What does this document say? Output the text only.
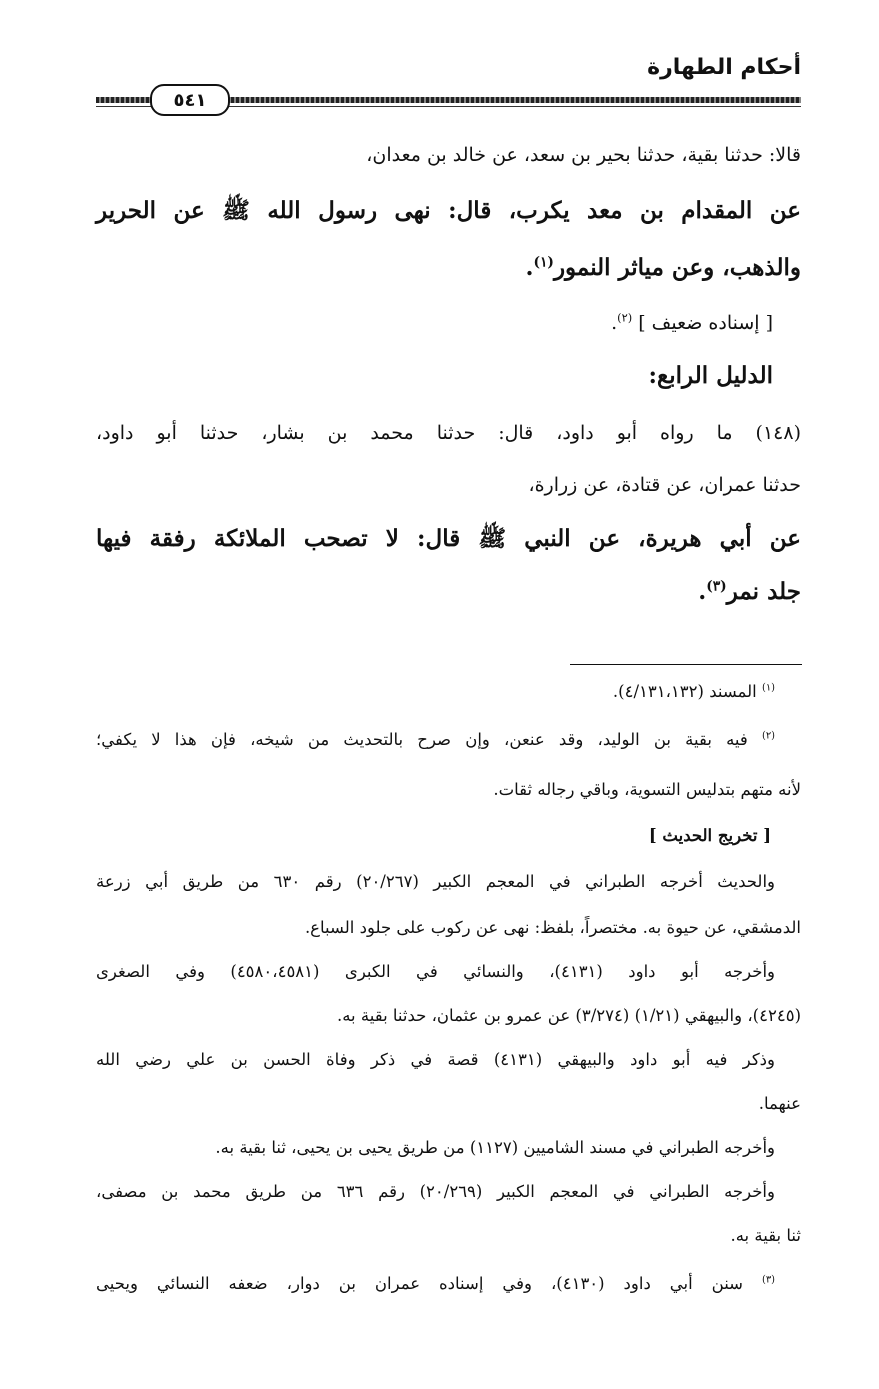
أحكام الطهارة
٥٤١
قالا: حدثنا بقية، حدثنا بحير بن سعد، عن خالد بن معدان،
عن المقدام بن معد يكرب، قال: نهى رسول الله ﷺ عن الحرير
والذهب، وعن مياثر النمور$^{(١)}$.
[ إسناده ضعيف ] $^{(٢)}$.
الدليل الرابع:
(١٤٨) ما رواه أبو داود، قال: حدثنا محمد بن بشار، حدثنا أبو داود،
حدثنا عمران، عن قتادة، عن زرارة،
عن أبي هريرة، عن النبي ﷺ قال: لا تصحب الملائكة رفقة فيها
جلد نمر$^{(٣)}$.
$^{(١)}$ المسند (٤/١٣١،١٣٢).
$^{(٢)}$ فيه بقية بن الوليد، وقد عنعن، وإن صرح بالتحديث من شيخه، فإن هذا لا يكفي؛
لأنه متهم بتدليس التسوية، وباقي رجاله ثقات.
[ تخريج الحديث ]
والحديث أخرجه الطبراني في المعجم الكبير (٢٠/٢٦٧) رقم ٦٣٠ من طريق أبي زرعة
الدمشقي، عن حيوة به. مختصراً، بلفظ: نهى عن ركوب على جلود السباع.
وأخرجه أبو داود (٤١٣١)، والنسائي في الكبرى (٤٥٨٠،٤٥٨١) وفي الصغرى
(٤٢٤٥)، والبيهقي (١/٢١) (٣/٢٧٤) عن عمرو بن عثمان، حدثنا بقية به.
وذكر فيه أبو داود والبيهقي (٤١٣١) قصة في ذكر وفاة الحسن بن علي رضي الله
عنهما.
وأخرجه الطبراني في مسند الشاميين (١١٢٧) من طريق يحيى بن يحيى، ثنا بقية به.
وأخرجه الطبراني في المعجم الكبير (٢٠/٢٦٩) رقم ٦٣٦ من طريق محمد بن مصفى،
ثنا بقية به.
$^{(٣)}$ سنن أبي داود (٤١٣٠)، وفي إسناده عمران بن دوار، ضعفه النسائي ويحيى
